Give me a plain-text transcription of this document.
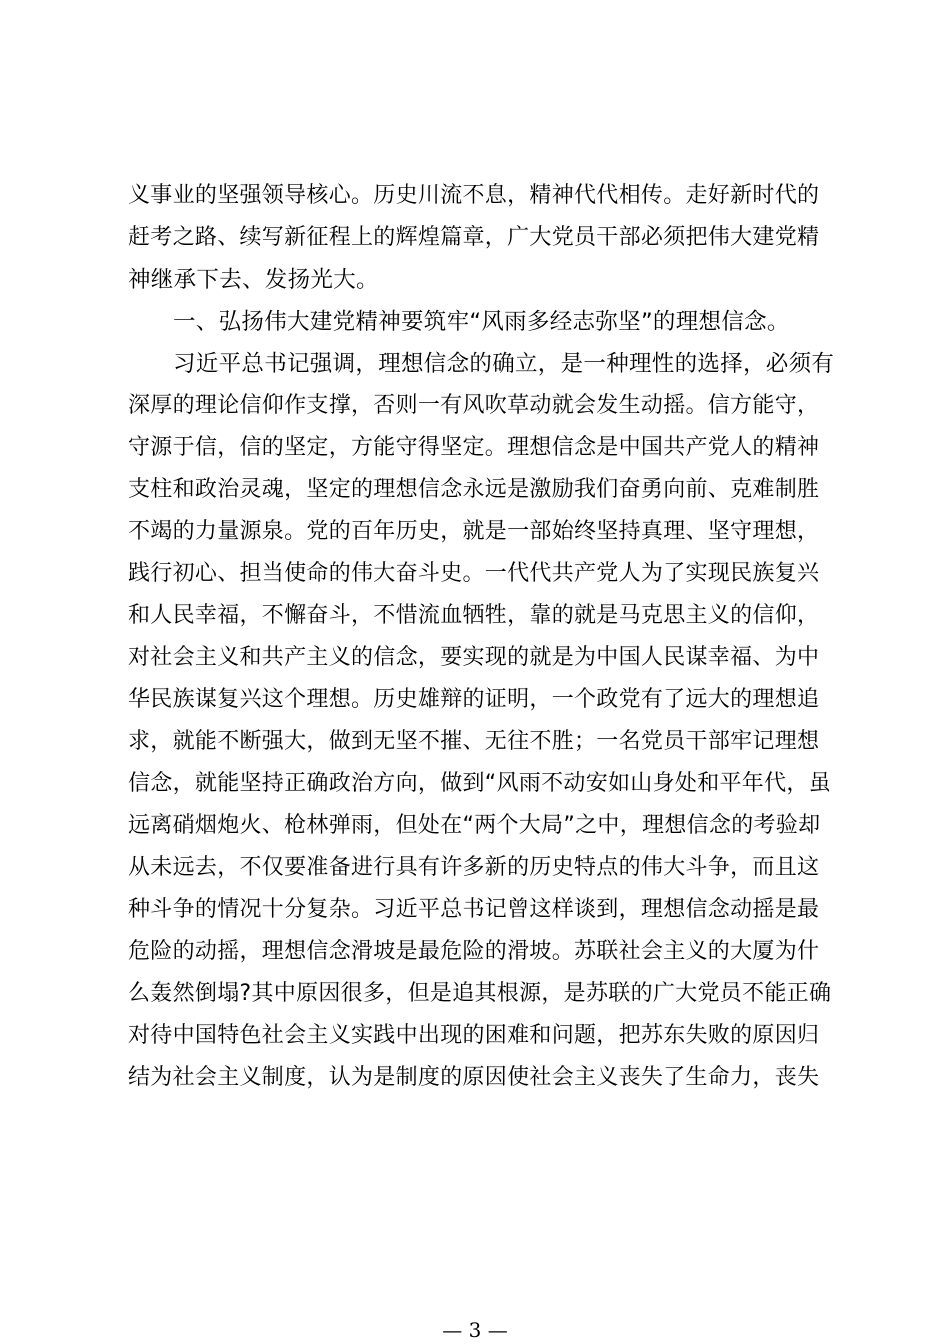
义事业的坚强领导核心。历史川流不息，精神代代相传。走好新时代的
赶考之路、续写新征程上的辉煌篇章，广大党员干部必须把伟大建党精
神继承下去、发扬光大。
一、弘扬伟大建党精神要筑牢“风雨多经志弥坚”的理想信念。
习近平总书记强调，理想信念的确立，是一种理性的选择，必须有
深厚的理论信仰作支撑，否则一有风吹草动就会发生动摇。信方能守，
守源于信，信的坚定，方能守得坚定。理想信念是中国共产党人的精神
支柱和政治灵魂，坚定的理想信念永远是激励我们奋勇向前、克难制胜
不竭的力量源泉。党的百年历史，就是一部始终坚持真理、坚守理想，
践行初心、担当使命的伟大奋斗史。一代代共产党人为了实现民族复兴
和人民幸福，不懈奋斗，不惜流血牺牲，靠的就是马克思主义的信仰，
对社会主义和共产主义的信念，要实现的就是为中国人民谋幸福、为中
华民族谋复兴这个理想。历史雄辩的证明，一个政党有了远大的理想追
求，就能不断强大，做到无坚不摧、无往不胜；一名党员干部牢记理想
信念，就能坚持正确政治方向，做到“风雨不动安如山身处和平年代，虽
远离硝烟炮火、枪林弹雨，但处在“两个大局”之中，理想信念的考验却
从未远去，不仅要准备进行具有许多新的历史特点的伟大斗争，而且这
种斗争的情况十分复杂。习近平总书记曾这样谈到，理想信念动摇是最
危险的动摇，理想信念滑坡是最危险的滑坡。苏联社会主义的大厦为什
么轰然倒塌?其中原因很多，但是追其根源，是苏联的广大党员不能正确
对待中国特色社会主义实践中出现的困难和问题，把苏东失败的原因归
结为社会主义制度，认为是制度的原因使社会主义丧失了生命力，丧失
— 3 —
